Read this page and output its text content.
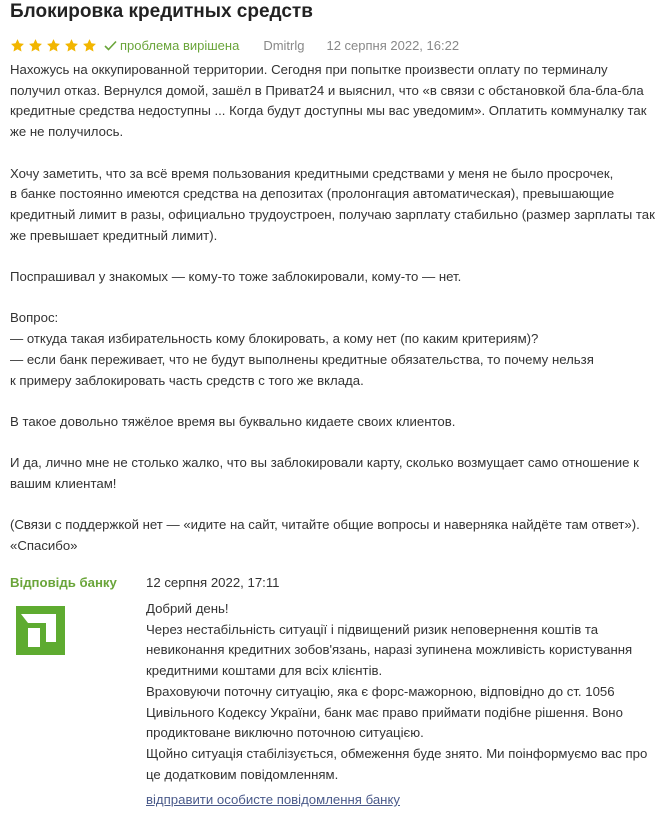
Блокировка кредитных средств
проблема вирішена Dmitrlg 12 серпня 2022, 16:22

Нахожусь на оккупированной территории. Сегодня при попытке произвести оплату по терминалу получил отказ. Вернулся домой, зашёл в Приват24 и выяснил, что «в связи с обстановкой бла-бла-бла кредитные средства недоступны ... Когда будут доступны мы вас уведомим». Оплатить коммуналку так же не получилось.

Хочу заметить, что за всё время пользования кредитными средствами у меня не было просрочек,
в банке постоянно имеются средства на депозитах (пролонгация автоматическая), превышающие кредитный лимит в разы, официально трудоустроен, получаю зарплату стабильно (размер зарплаты так же превышает кредитный лимит).

Поспрашивал у знакомых — кому-то тоже заблокировали, кому-то — нет.

Вопрос:
— откуда такая избирательность кому блокировать, а кому нет (по каким критериям)?
— если банк переживает, что не будут выполнены кредитные обязательства, то почему нельзя
к примеру заблокировать часть средств с того же вклада.

В такое довольно тяжёлое время вы буквально кидаете своих клиентов.

И да, лично мне не столько жалко, что вы заблокировали карту, сколько возмущает само отношение к вашим клиентам!

(Связи с поддержкой нет — «идите на сайт, читайте общие вопросы и наверняка найдёте там ответ»). «Спасибо»

Відповідь банку 12 серпня 2022, 17:11
Добрий день!
Через нестабільність ситуації і підвищений ризик неповернення коштів та невиконання кредитних зобов'язань, наразі зупинена можливість користування кредитними коштами для всіх клієнтів.
Враховуючи поточну ситуацію, яка є форс-мажорною, відповідно до ст. 1056 Цивільного Кодексу України, банк має право приймати подібне рішення. Воно продиктоване виключно поточною ситуацією.
Щойно ситуація стабілізується, обмеження буде знято. Ми поінформуємо вас про це додатковим повідомленням.
відправити особисте повідомлення банку
